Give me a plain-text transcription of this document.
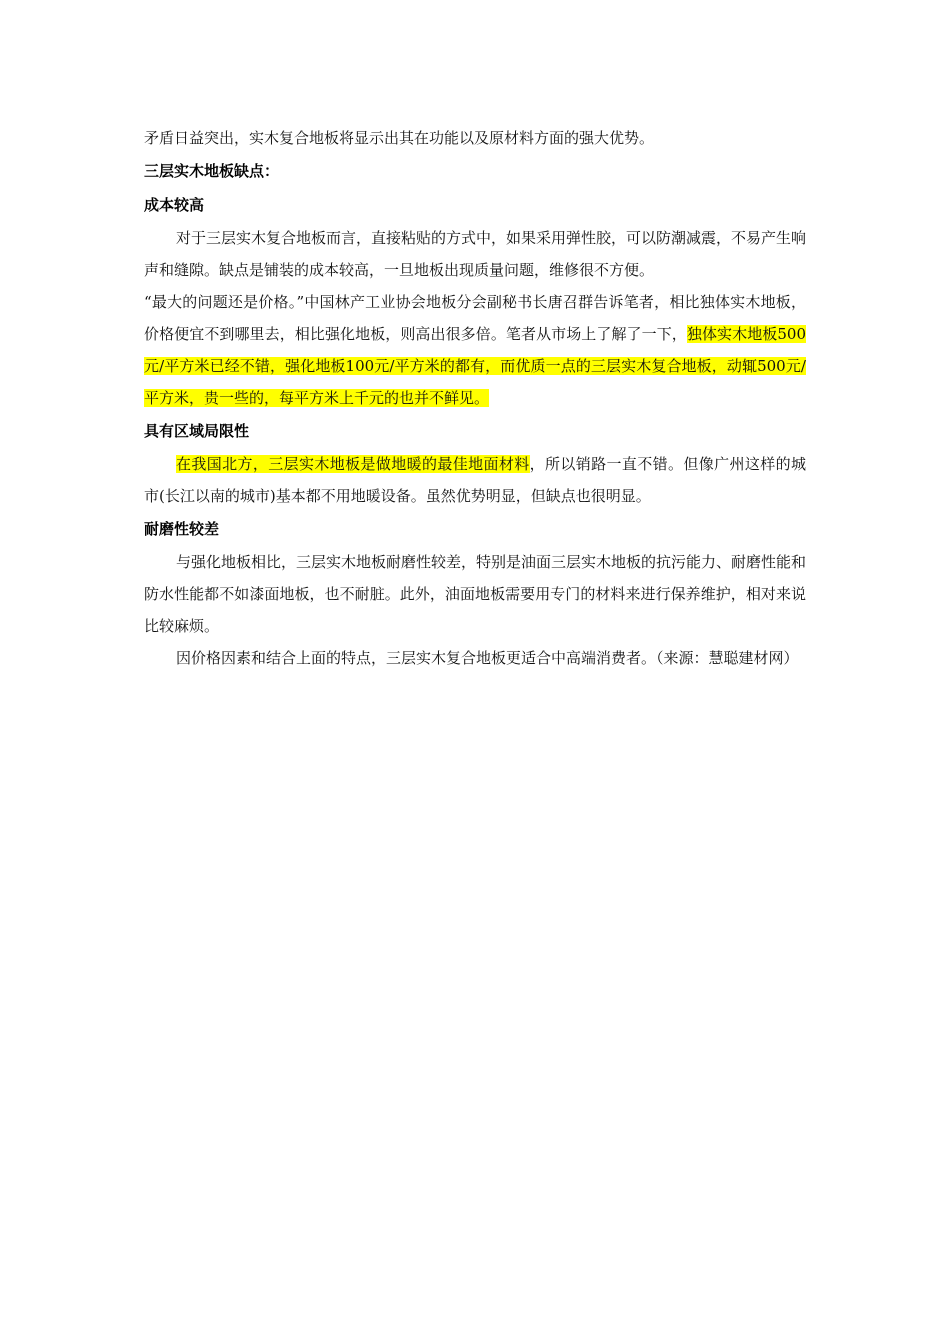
矛盾日益突出，实木复合地板将显示出其在功能以及原材料方面的强大优势。

三层实木地板缺点：
成本较高

对于三层实木复合地板而言，直接粘贴的方式中，如果采用弹性胶，可以防潮减震，不易产生响声和缝隙。缺点是铺装的成本较高，一旦地板出现质量问题，维修很不方便。

“最大的问题还是价格。”中国林产工业协会地板分会副秘书长唐召群告诉笔者，相比独体实木地板，价格便宜不到哪里去，相比强化地板，则高出很多倍。笔者从市场上了解了一下，独体实木地板500元/平方米已经不错，强化地板100元/平方米的都有，而优质一点的三层实木复合地板，动辄500元/平方米，贵一些的，每平方米上千元的也并不鲜见。

具有区域局限性

在我国北方，三层实木地板是做地暖的最佳地面材料，所以销路一直不错。但像广州这样的城市(长江以南的城市)基本都不用地暖设备。虽然优势明显，但缺点也很明显。

耐磨性较差

与强化地板相比，三层实木地板耐磨性较差，特别是油面三层实木地板的抗污能力、耐磨性能和防水性能都不如漆面地板，也不耐脏。此外，油面地板需要用专门的材料来进行保养维护，相对来说比较麻烦。

因价格因素和结合上面的特点，三层实木复合地板更适合中高端消费者。（来源：慧聪建材网）
